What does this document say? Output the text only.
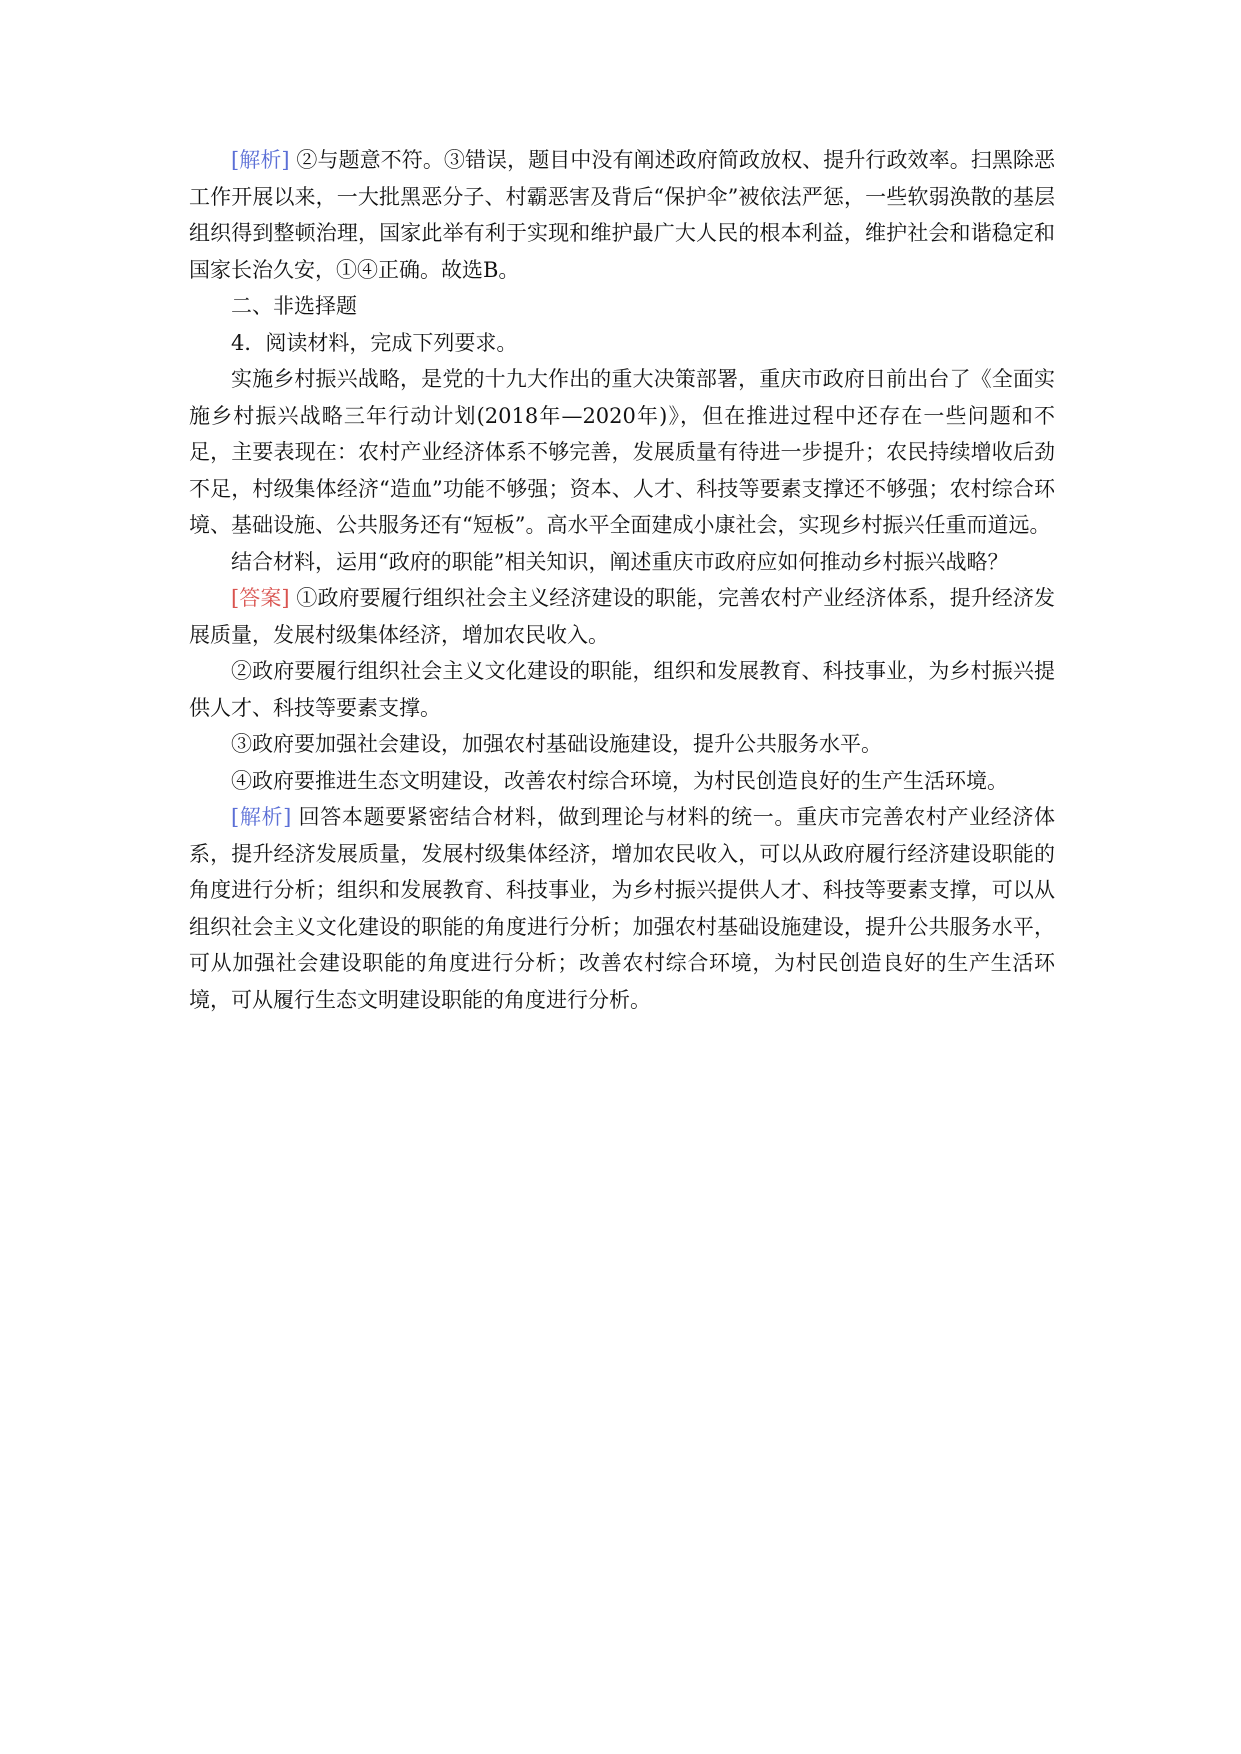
[解析] ②与题意不符。③错误，题目中没有阐述政府简政放权、提升行政效率。扫黑除恶工作开展以来，一大批黑恶分子、村霸恶害及背后“保护伞”被依法严惩，一些软弱涣散的基层组织得到整顿治理，国家此举有利于实现和维护最广大人民的根本利益，维护社会和谐稳定和国家长治久安，①④正确。故选B。

二、非选择题

4．阅读材料，完成下列要求。

实施乡村振兴战略，是党的十九大作出的重大决策部署，重庆市政府日前出台了《全面实施乡村振兴战略三年行动计划(2018年—2020年)》，但在推进过程中还存在一些问题和不足，主要表现在：农村产业经济体系不够完善，发展质量有待进一步提升；农民持续增收后劲不足，村级集体经济“造血”功能不够强；资本、人才、科技等要素支撑还不够强；农村综合环境、基础设施、公共服务还有“短板”。高水平全面建成小康社会，实现乡村振兴任重而道远。

结合材料，运用“政府的职能”相关知识，阐述重庆市政府应如何推动乡村振兴战略？

[答案] ①政府要履行组织社会主义经济建设的职能，完善农村产业经济体系，提升经济发展质量，发展村级集体经济，增加农民收入。

②政府要履行组织社会主义文化建设的职能，组织和发展教育、科技事业，为乡村振兴提供人才、科技等要素支撑。

③政府要加强社会建设，加强农村基础设施建设，提升公共服务水平。

④政府要推进生态文明建设，改善农村综合环境，为村民创造良好的生产生活环境。

[解析] 回答本题要紧密结合材料，做到理论与材料的统一。重庆市完善农村产业经济体系，提升经济发展质量，发展村级集体经济，增加农民收入，可以从政府履行经济建设职能的角度进行分析；组织和发展教育、科技事业，为乡村振兴提供人才、科技等要素支撑，可以从组织社会主义文化建设的职能的角度进行分析；加强农村基础设施建设，提升公共服务水平，可从加强社会建设职能的角度进行分析；改善农村综合环境，为村民创造良好的生产生活环境，可从履行生态文明建设职能的角度进行分析。
